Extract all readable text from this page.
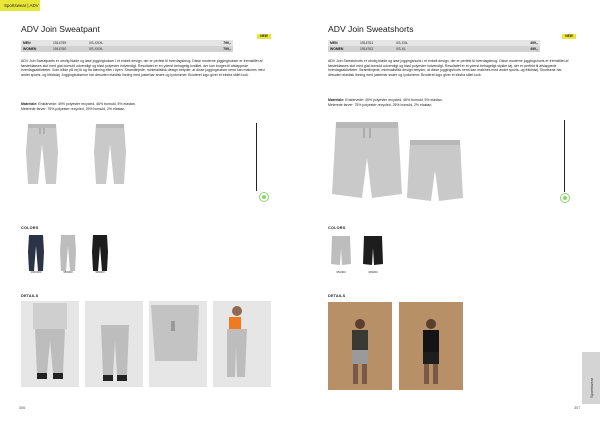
Sportswear | ADV
ADV Join Sweatpant
NEW
MEN	1914759	XS-XXXL	799,-
WOMEN	1914760	XS-XXXL	799,-
ADV Join Sweatpants er utrolig bløde og løse joggingbukser i et enkelt design, der er perfekt til hverdagsbrug. Disse moderne joggingbukser er fremstillet af førsteklasses stof med glat bomuld udvendigt og blød polyester indvendigt. Resultatet er en yderst behagelig kvalitet, der kan bruges til afslappede hverdagsaktiviteter. Som både på vej til og fra træning eller i byen. Stramtlinjede, minimalistisk design betyder, at disse joggingbukser nemt kan matches med andet sports- og fritidstøj. Joggingbukserne har desuden elastisk linning med justerbar snøre og lynlommer. Broderet logo giver et ekstra stilet look.
Materiale: Ensfarvede: 49% polyester recycled, 46% bomuld, 5% elastan.
Melerede farver: 75% polyester recycled, 25% bomuld, 2% elastan.
COLORS
1000000	950000	999000
DETAILS
306
ADV Join Sweatshorts
NEW
MEN	1914761	XS-XXL	499,-
WOMEN	1914762	XS-XL	499,-
ADV Join Sweatshorts er utrolig bløde og løse joggingshorts i et enkelt design, der er perfekt til hverdagsbrug. Disse moderne joggingshorts er fremstillet af førsteklasses stof med glat bomuld udvendigt og blød polyester indvendigt. Resultatet er et yderst behageligt stykke tøj, der er perfekt til afslappede hverdagsaktiviteter. Stramtlinjede, minimalistisk design betyder, at disse joggingshorts nemt kan matches med andet sports- og fritidstøj. Shortsene har desuden elastisk linning med justerbar snøre og lynlommer. Broderet logo giver et ekstra stilet look.
Materiale: Ensfarvede: 49% polyester recycled, 46% bomuld, 5% elastan.
Melerede farver: 75% polyester recycled, 25% bomuld, 2% elastan.
COLORS
950000	999000
DETAILS
307
Sportswear
